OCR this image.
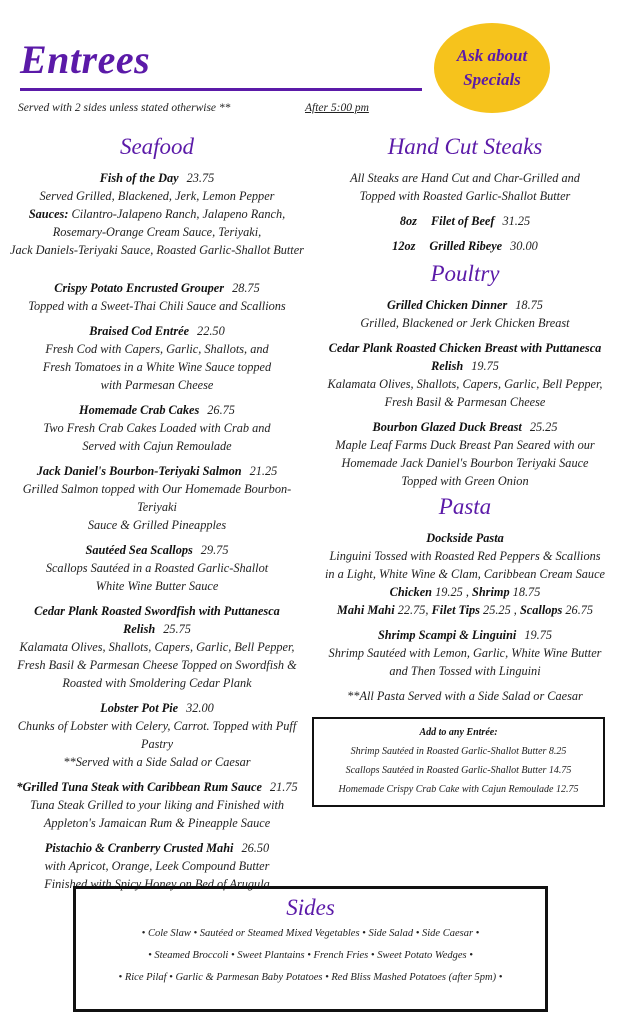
Entrees	Ask about
Specials
Served with 2 sides unless stated otherwise **	After 5:00 pm
Seafood
Fish of the Day 23.75
Served Grilled, Blackened, Jerk, Lemon Pepper
Sauces: Cilantro-Jalapeno Ranch, Jalapeno Ranch,
Rosemary-Orange Cream Sauce, Teriyaki,
Jack Daniels-Teriyaki Sauce, Roasted Garlic-Shallot Butter
Crispy Potato Encrusted Grouper 28.75
Topped with a Sweet-Thai Chili Sauce and Scallions
Braised Cod Entrée 22.50
Fresh Cod with Capers, Garlic, Shallots, and
Fresh Tomatoes in a White Wine Sauce topped
with Parmesan Cheese
Homemade Crab Cakes 26.75
Two Fresh Crab Cakes Loaded with Crab and
Served with Cajun Remoulade
Jack Daniel's Bourbon-Teriyaki Salmon 21.25
Grilled Salmon topped with Our Homemade Bourbon-Teriyaki
Sauce & Grilled Pineapples
Sautéed Sea Scallops 29.75
Scallops Sautéed in a Roasted Garlic-Shallot
White Wine Butter Sauce
Cedar Plank Roasted Swordfish with Puttanesca Relish 25.75
Kalamata Olives, Shallots, Capers, Garlic, Bell Pepper,
Fresh Basil & Parmesan Cheese Topped on Swordfish &
Roasted with Smoldering Cedar Plank
Lobster Pot Pie 32.00
Chunks of Lobster with Celery, Carrot. Topped with Puff Pastry
**Served with a Side Salad or Caesar
*Grilled Tuna Steak with Caribbean Rum Sauce 21.75
Tuna Steak Grilled to your liking and Finished with
Appleton's Jamaican Rum & Pineapple Sauce
Pistachio & Cranberry Crusted Mahi 26.50
with Apricot, Orange, Leek Compound Butter
Finished with Spicy Honey on Bed of Arugula
Hand Cut Steaks
All Steaks are Hand Cut and Char-Grilled and
Topped with Roasted Garlic-Shallot Butter
8oz Filet of Beef 31.25
12oz Grilled Ribeye 30.00
Poultry
Grilled Chicken Dinner 18.75
Grilled, Blackened or Jerk Chicken Breast
Cedar Plank Roasted Chicken Breast with Puttanesca Relish 19.75
Kalamata Olives, Shallots, Capers, Garlic, Bell Pepper,
Fresh Basil & Parmesan Cheese
Bourbon Glazed Duck Breast 25.25
Maple Leaf Farms Duck Breast Pan Seared with our
Homemade Jack Daniel's Bourbon Teriyaki Sauce
Topped with Green Onion
Pasta
Dockside Pasta
Linguini Tossed with Roasted Red Peppers & Scallions
in a Light, White Wine & Clam, Caribbean Cream Sauce
Chicken 19.25 , Shrimp 18.75
Mahi Mahi 22.75, Filet Tips 25.25 , Scallops 26.75
Shrimp Scampi & Linguini 19.75
Shrimp Sautéed with Lemon, Garlic, White Wine Butter
and Then Tossed with Linguini
**All Pasta Served with a Side Salad or Caesar
Add to any Entrée:
Shrimp Sautéed in Roasted Garlic-Shallot Butter 8.25
Scallops Sautéed in Roasted Garlic-Shallot Butter 14.75
Homemade Crispy Crab Cake with Cajun Remoulade 12.75
Sides
• Cole Slaw • Sautéed or Steamed Mixed Vegetables • Side Salad • Side Caesar •
• Steamed Broccoli • Sweet Plantains • French Fries • Sweet Potato Wedges •
• Rice Pilaf • Garlic & Parmesan Baby Potatoes • Red Bliss Mashed Potatoes (after 5pm) •
